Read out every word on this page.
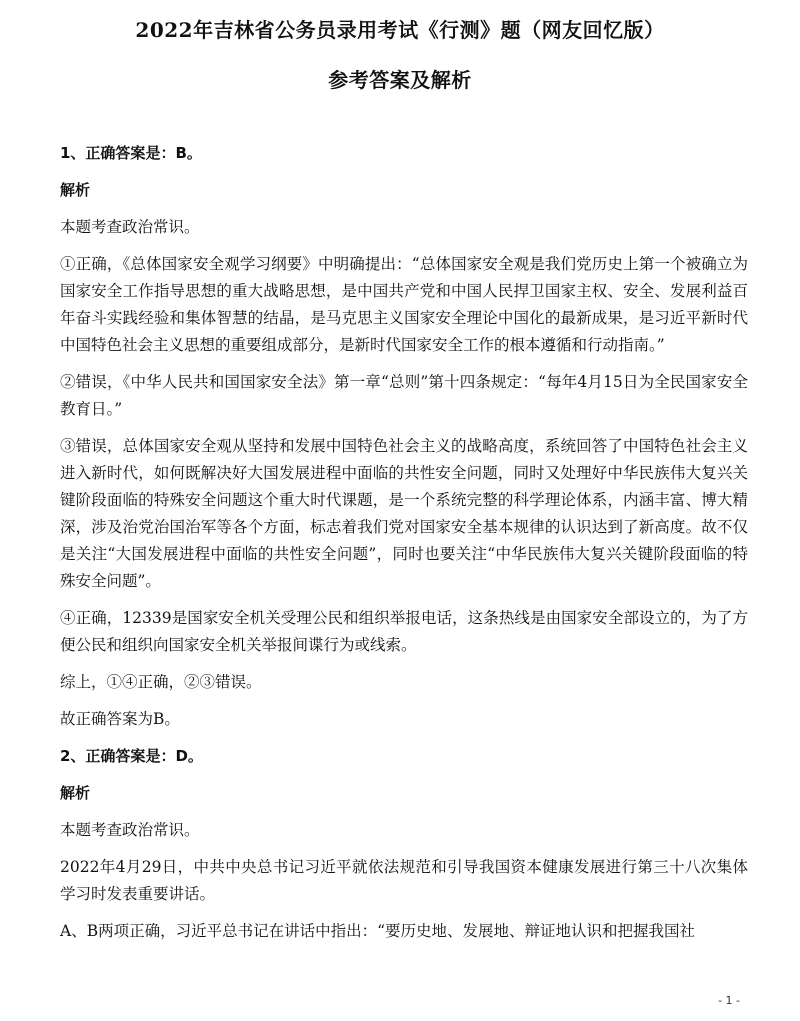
2022年吉林省公务员录用考试《行测》题（网友回忆版）
参考答案及解析

1、正确答案是：B。

解析

本题考查政治常识。

①正确，《总体国家安全观学习纲要》中明确提出：“总体国家安全观是我们党历史上第一个被确立为国家安全工作指导思想的重大战略思想，是中国共产党和中国人民捍卫国家主权、安全、发展利益百年奋斗实践经验和集体智慧的结晶，是马克思主义国家安全理论中国化的最新成果，是习近平新时代中国特色社会主义思想的重要组成部分，是新时代国家安全工作的根本遵循和行动指南。”

②错误，《中华人民共和国国家安全法》第一章“总则”第十四条规定：“每年4月15日为全民国家安全教育日。”

③错误，总体国家安全观从坚持和发展中国特色社会主义的战略高度，系统回答了中国特色社会主义进入新时代，如何既解决好大国发展进程中面临的共性安全问题，同时又处理好中华民族伟大复兴关键阶段面临的特殊安全问题这个重大时代课题，是一个系统完整的科学理论体系，内涵丰富、博大精深，涉及治党治国治军等各个方面，标志着我们党对国家安全基本规律的认识达到了新高度。故不仅是关注“大国发展进程中面临的共性安全问题”，同时也要关注“中华民族伟大复兴关键阶段面临的特殊安全问题”。

④正确，12339是国家安全机关受理公民和组织举报电话，这条热线是由国家安全部设立的，为了方便公民和组织向国家安全机关举报间谍行为或线索。

综上，①④正确，②③错误。

故正确答案为B。

2、正确答案是：D。

解析

本题考查政治常识。

2022年4月29日，中共中央总书记习近平就依法规范和引导我国资本健康发展进行第三十八次集体学习时发表重要讲话。

A、B两项正确，习近平总书记在讲话中指出：“要历史地、发展地、辩证地认识和把握我国社

- 1 -
